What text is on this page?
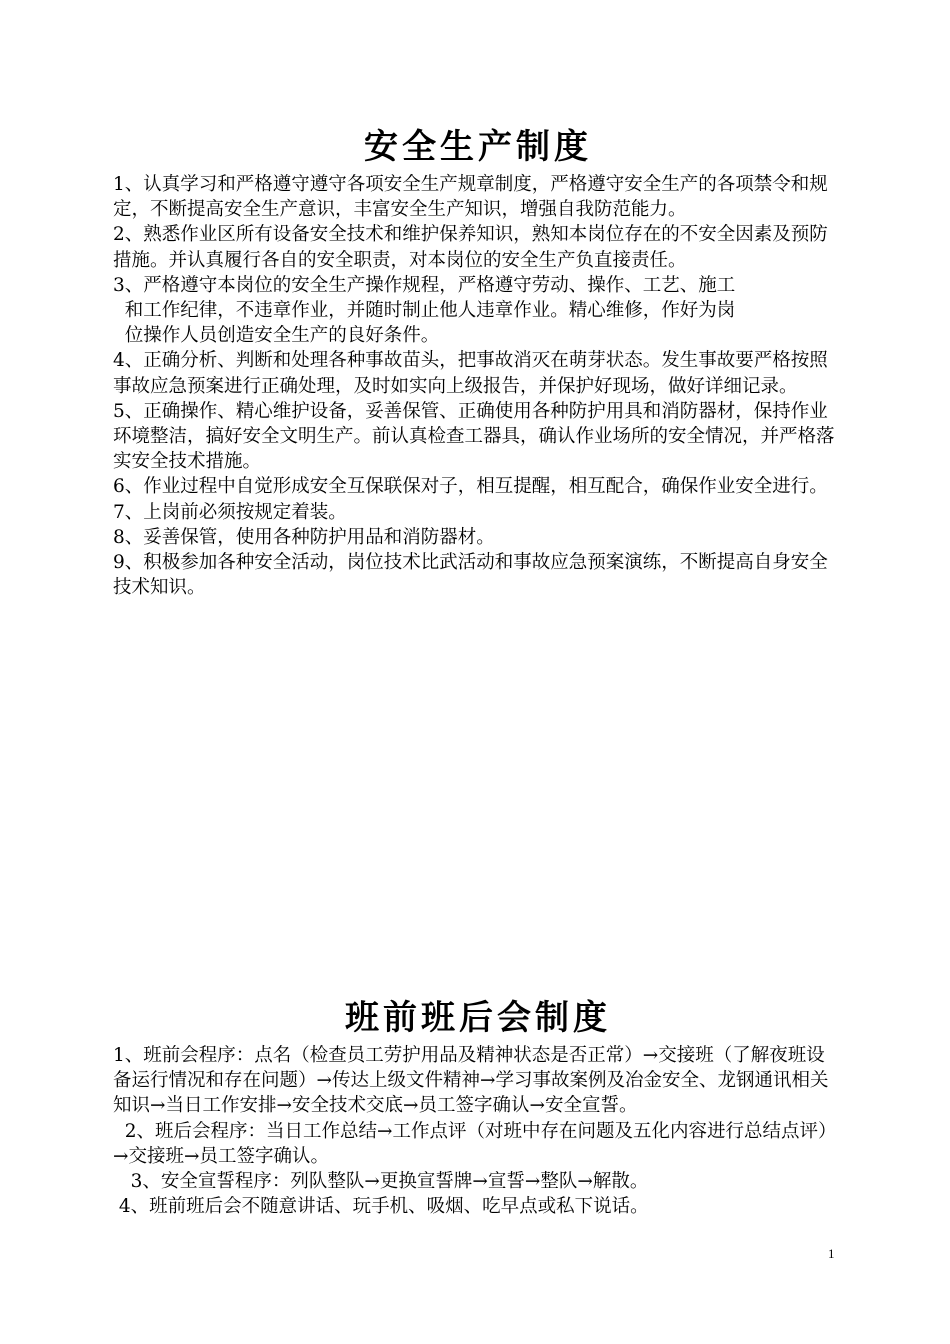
安全生产制度

1、认真学习和严格遵守遵守各项安全生产规章制度，严格遵守安全生产的各项禁令和规定，不断提高安全生产意识，丰富安全生产知识，增强自我防范能力。

2、熟悉作业区所有设备安全技术和维护保养知识，熟知本岗位存在的不安全因素及预防措施。并认真履行各自的安全职责，对本岗位的安全生产负直接责任。

3、严格遵守本岗位的安全生产操作规程，严格遵守劳动、操作、工艺、施工
和工作纪律，不违章作业，并随时制止他人违章作业。精心维修，作好为岗
位操作人员创造安全生产的良好条件。

4、正确分析、判断和处理各种事故苗头，把事故消灭在萌芽状态。发生事故要严格按照事故应急预案进行正确处理，及时如实向上级报告，并保护好现场，做好详细记录。

5、正确操作、精心维护设备，妥善保管、正确使用各种防护用具和消防器材，保持作业环境整洁，搞好安全文明生产。前认真检查工器具，确认作业场所的安全情况，并严格落实安全技术措施。

6、作业过程中自觉形成安全互保联保对子，相互提醒，相互配合，确保作业安全进行。

7、上岗前必须按规定着装。

8、妥善保管，使用各种防护用品和消防器材。

9、积极参加各种安全活动，岗位技术比武活动和事故应急预案演练，不断提高自身安全技术知识。

班前班后会制度

1、班前会程序：点名（检查员工劳护用品及精神状态是否正常）→交接班（了解夜班设备运行情况和存在问题）→传达上级文件精神→学习事故案例及冶金安全、龙钢通讯相关知识→当日工作安排→安全技术交底→员工签字确认→安全宣誓。

2、班后会程序：当日工作总结→工作点评（对班中存在问题及五化内容进行总结点评）→交接班→员工签字确认。

3、安全宣誓程序：列队整队→更换宣誓牌→宣誓→整队→解散。

4、班前班后会不随意讲话、玩手机、吸烟、吃早点或私下说话。

1
